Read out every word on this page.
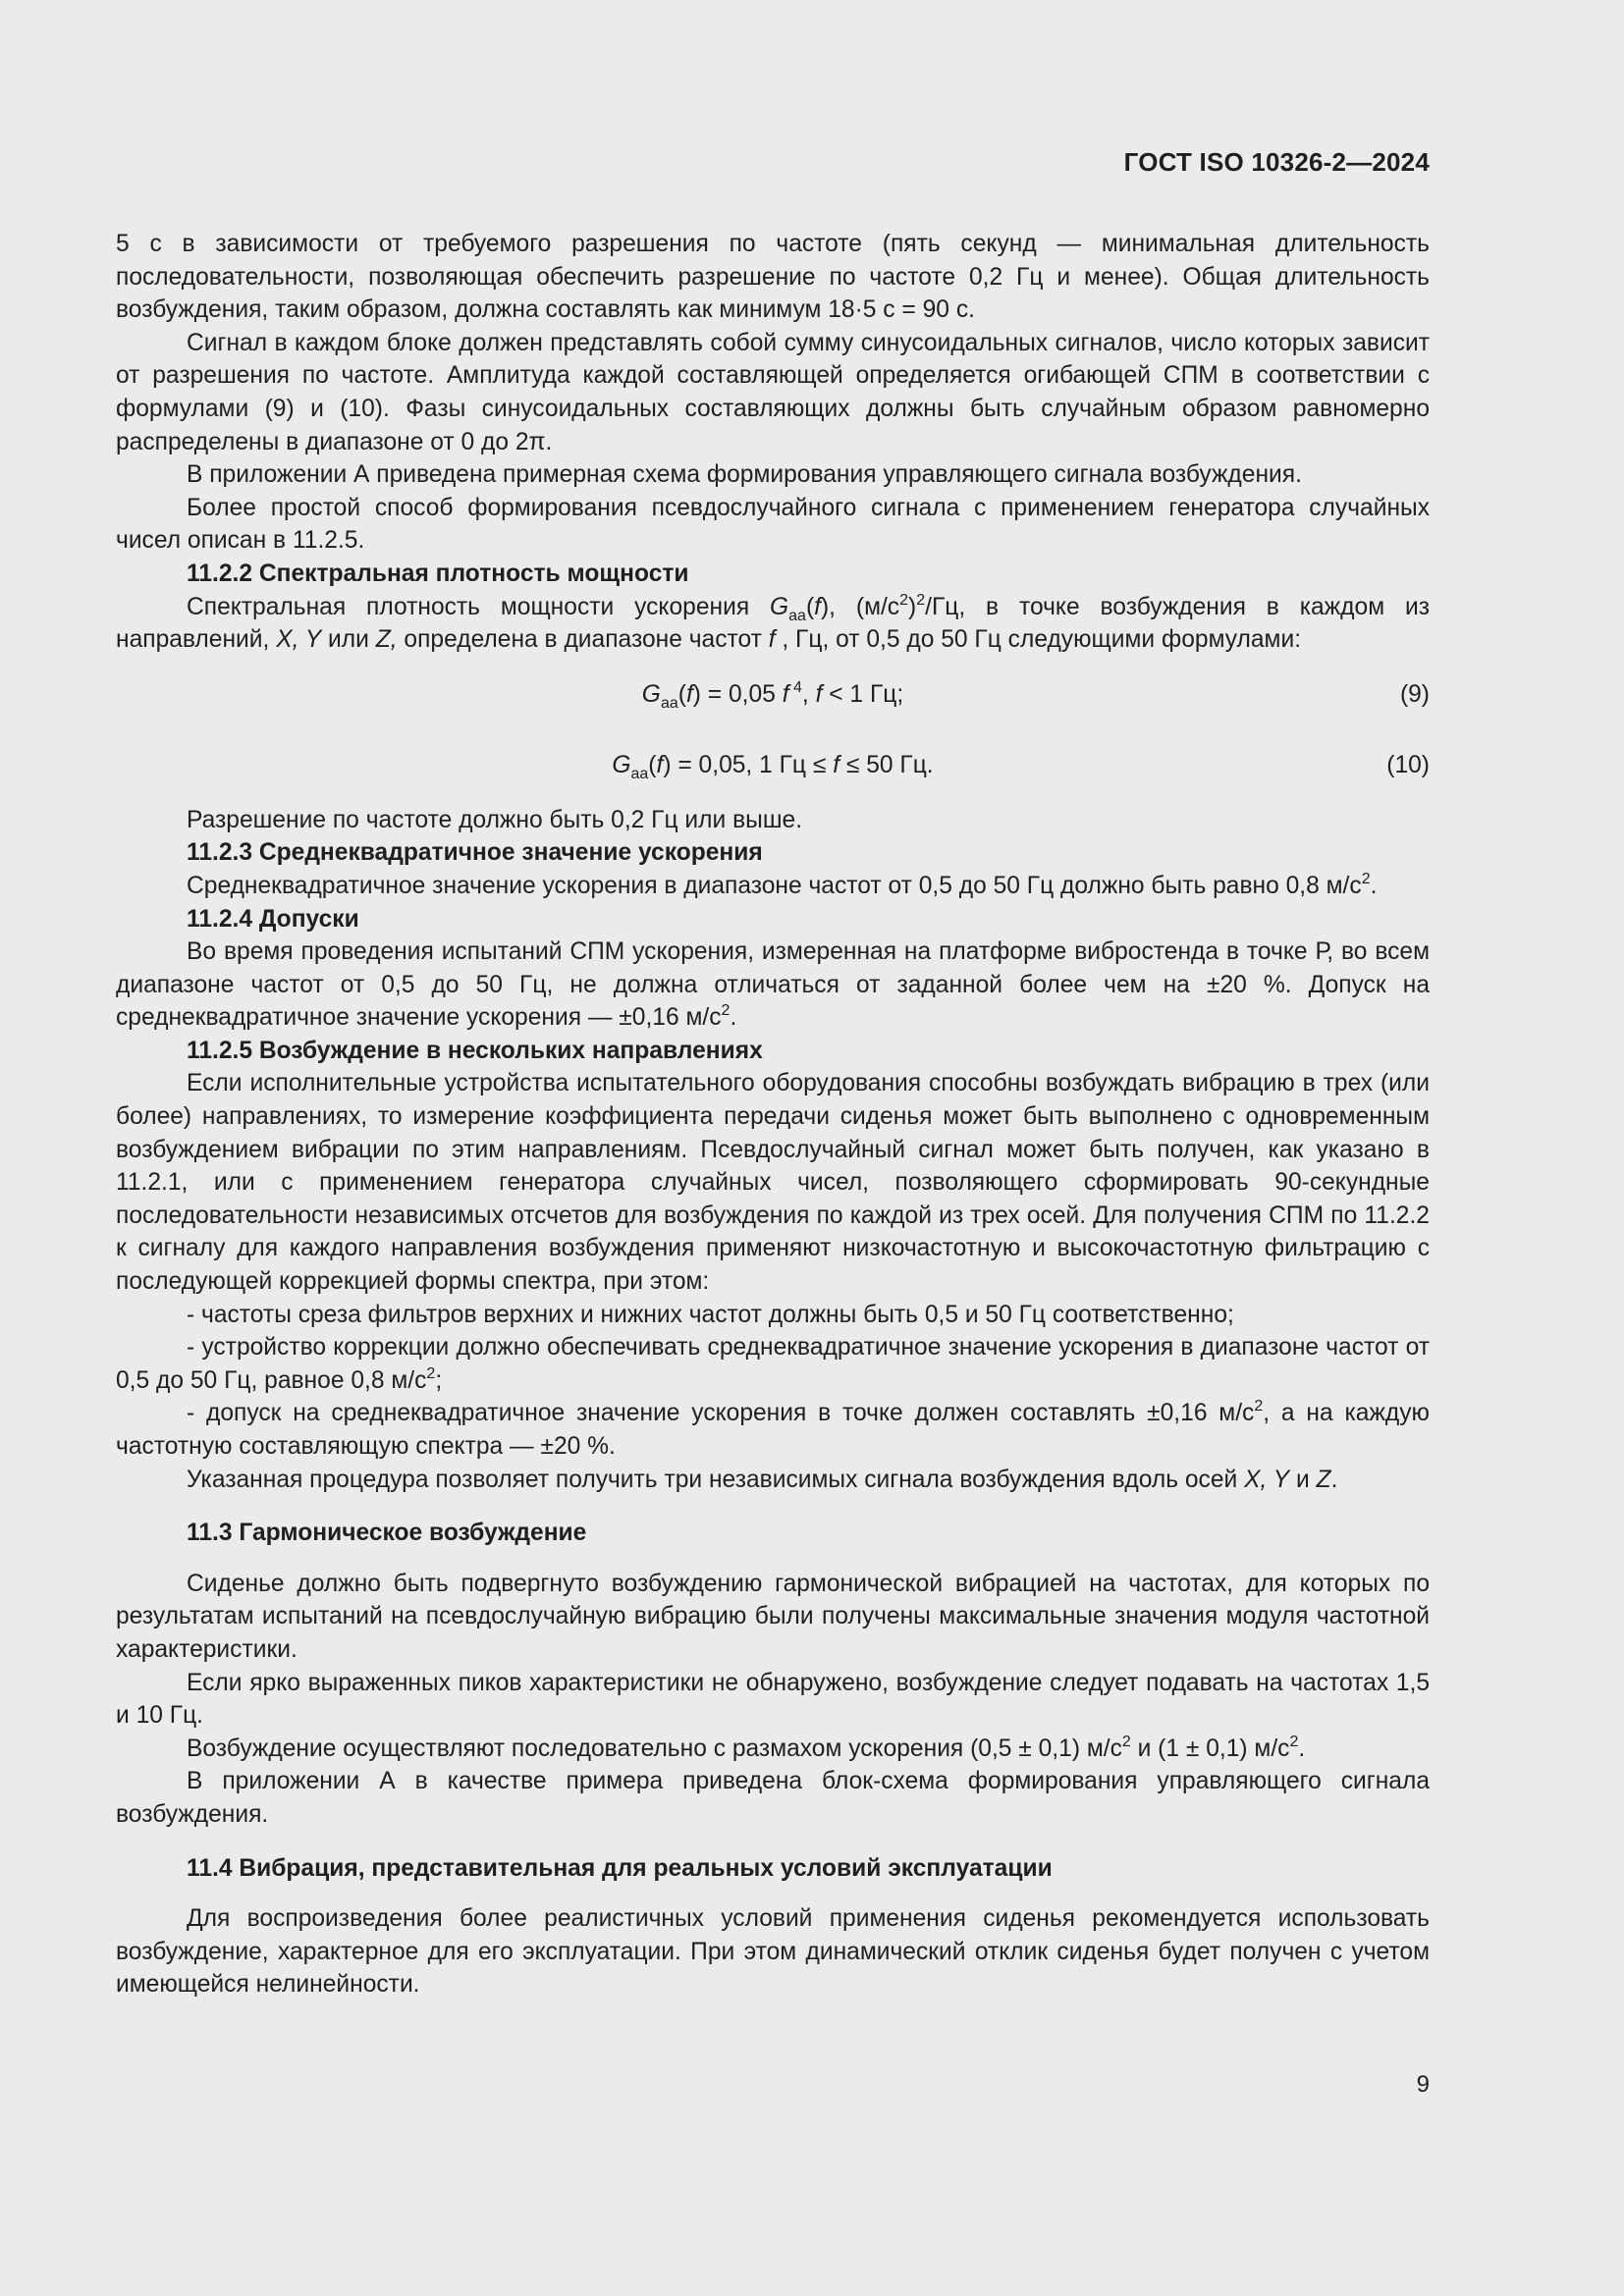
ГОСТ ISO 10326-2—2024

5 с в зависимости от требуемого разрешения по частоте (пять секунд — минимальная длительность последовательности, позволяющая обеспечить разрешение по частоте 0,2 Гц и менее). Общая длительность возбуждения, таким образом, должна составлять как минимум 18·5 с = 90 с.

Сигнал в каждом блоке должен представлять собой сумму синусоидальных сигналов, число которых зависит от разрешения по частоте. Амплитуда каждой составляющей определяется огибающей СПМ в соответствии с формулами (9) и (10). Фазы синусоидальных составляющих должны быть случайным образом равномерно распределены в диапазоне от 0 до 2π.

В приложении А приведена примерная схема формирования управляющего сигнала возбуждения.

Более простой способ формирования псевдослучайного сигнала с применением генератора случайных чисел описан в 11.2.5.

11.2.2 Спектральная плотность мощности

Спектральная плотность мощности ускорения $G_{aa}(f)$, $(м/с^2)^2/Гц$, в точке возбуждения в каждом из направлений, X, Y или Z, определена в диапазоне частот f , Гц, от 0,5 до 50 Гц следующими формулами:

$G_{aa}(f) = 0,05$ f $^4$, f < 1 Гц;	(9)
$G_{aa}(f) = 0,05$, 1 Гц ≤ f ≤ 50 Гц.	(10)

Разрешение по частоте должно быть 0,2 Гц или выше.

11.2.3 Среднеквадратичное значение ускорения

Среднеквадратичное значение ускорения в диапазоне частот от 0,5 до 50 Гц должно быть равно 0,8 $м/с^2$.

11.2.4 Допуски

Во время проведения испытаний СПМ ускорения, измеренная на платформе вибростенда в точке Р, во всем диапазоне частот от 0,5 до 50 Гц, не должна отличаться от заданной более чем на ±20 %. Допуск на среднеквадратичное значение ускорения — ±0,16 $м/с^2$.

11.2.5 Возбуждение в нескольких направлениях

Если исполнительные устройства испытательного оборудования способны возбуждать вибрацию в трех (или более) направлениях, то измерение коэффициента передачи сиденья может быть выполнено с одновременным возбуждением вибрации по этим направлениям. Псевдослучайный сигнал может быть получен, как указано в 11.2.1, или с применением генератора случайных чисел, позволяющего сформировать 90-секундные последовательности независимых отсчетов для возбуждения по каждой из трех осей. Для получения СПМ по 11.2.2 к сигналу для каждого направления возбуждения применяют низкочастотную и высокочастотную фильтрацию с последующей коррекцией формы спектра, при этом:

- частоты среза фильтров верхних и нижних частот должны быть 0,5 и 50 Гц соответственно;

- устройство коррекции должно обеспечивать среднеквадратичное значение ускорения в диапазоне частот от 0,5 до 50 Гц, равное 0,8 $м/с^2$;

- допуск на среднеквадратичное значение ускорения в точке должен составлять ±0,16 $м/с^2$, а на каждую частотную составляющую спектра — ±20 %.

Указанная процедура позволяет получить три независимых сигнала возбуждения вдоль осей X, Y и Z.

11.3 Гармоническое возбуждение

Сиденье должно быть подвергнуто возбуждению гармонической вибрацией на частотах, для которых по результатам испытаний на псевдослучайную вибрацию были получены максимальные значения модуля частотной характеристики.

Если ярко выраженных пиков характеристики не обнаружено, возбуждение следует подавать на частотах 1,5 и 10 Гц.

Возбуждение осуществляют последовательно с размахом ускорения (0,5 ± 0,1) $м/с^2$ и (1 ± 0,1) $м/с^2$.

В приложении А в качестве примера приведена блок-схема формирования управляющего сигнала возбуждения.

11.4 Вибрация, представительная для реальных условий эксплуатации

Для воспроизведения более реалистичных условий применения сиденья рекомендуется использовать возбуждение, характерное для его эксплуатации. При этом динамический отклик сиденья будет получен с учетом имеющейся нелинейности.

9
